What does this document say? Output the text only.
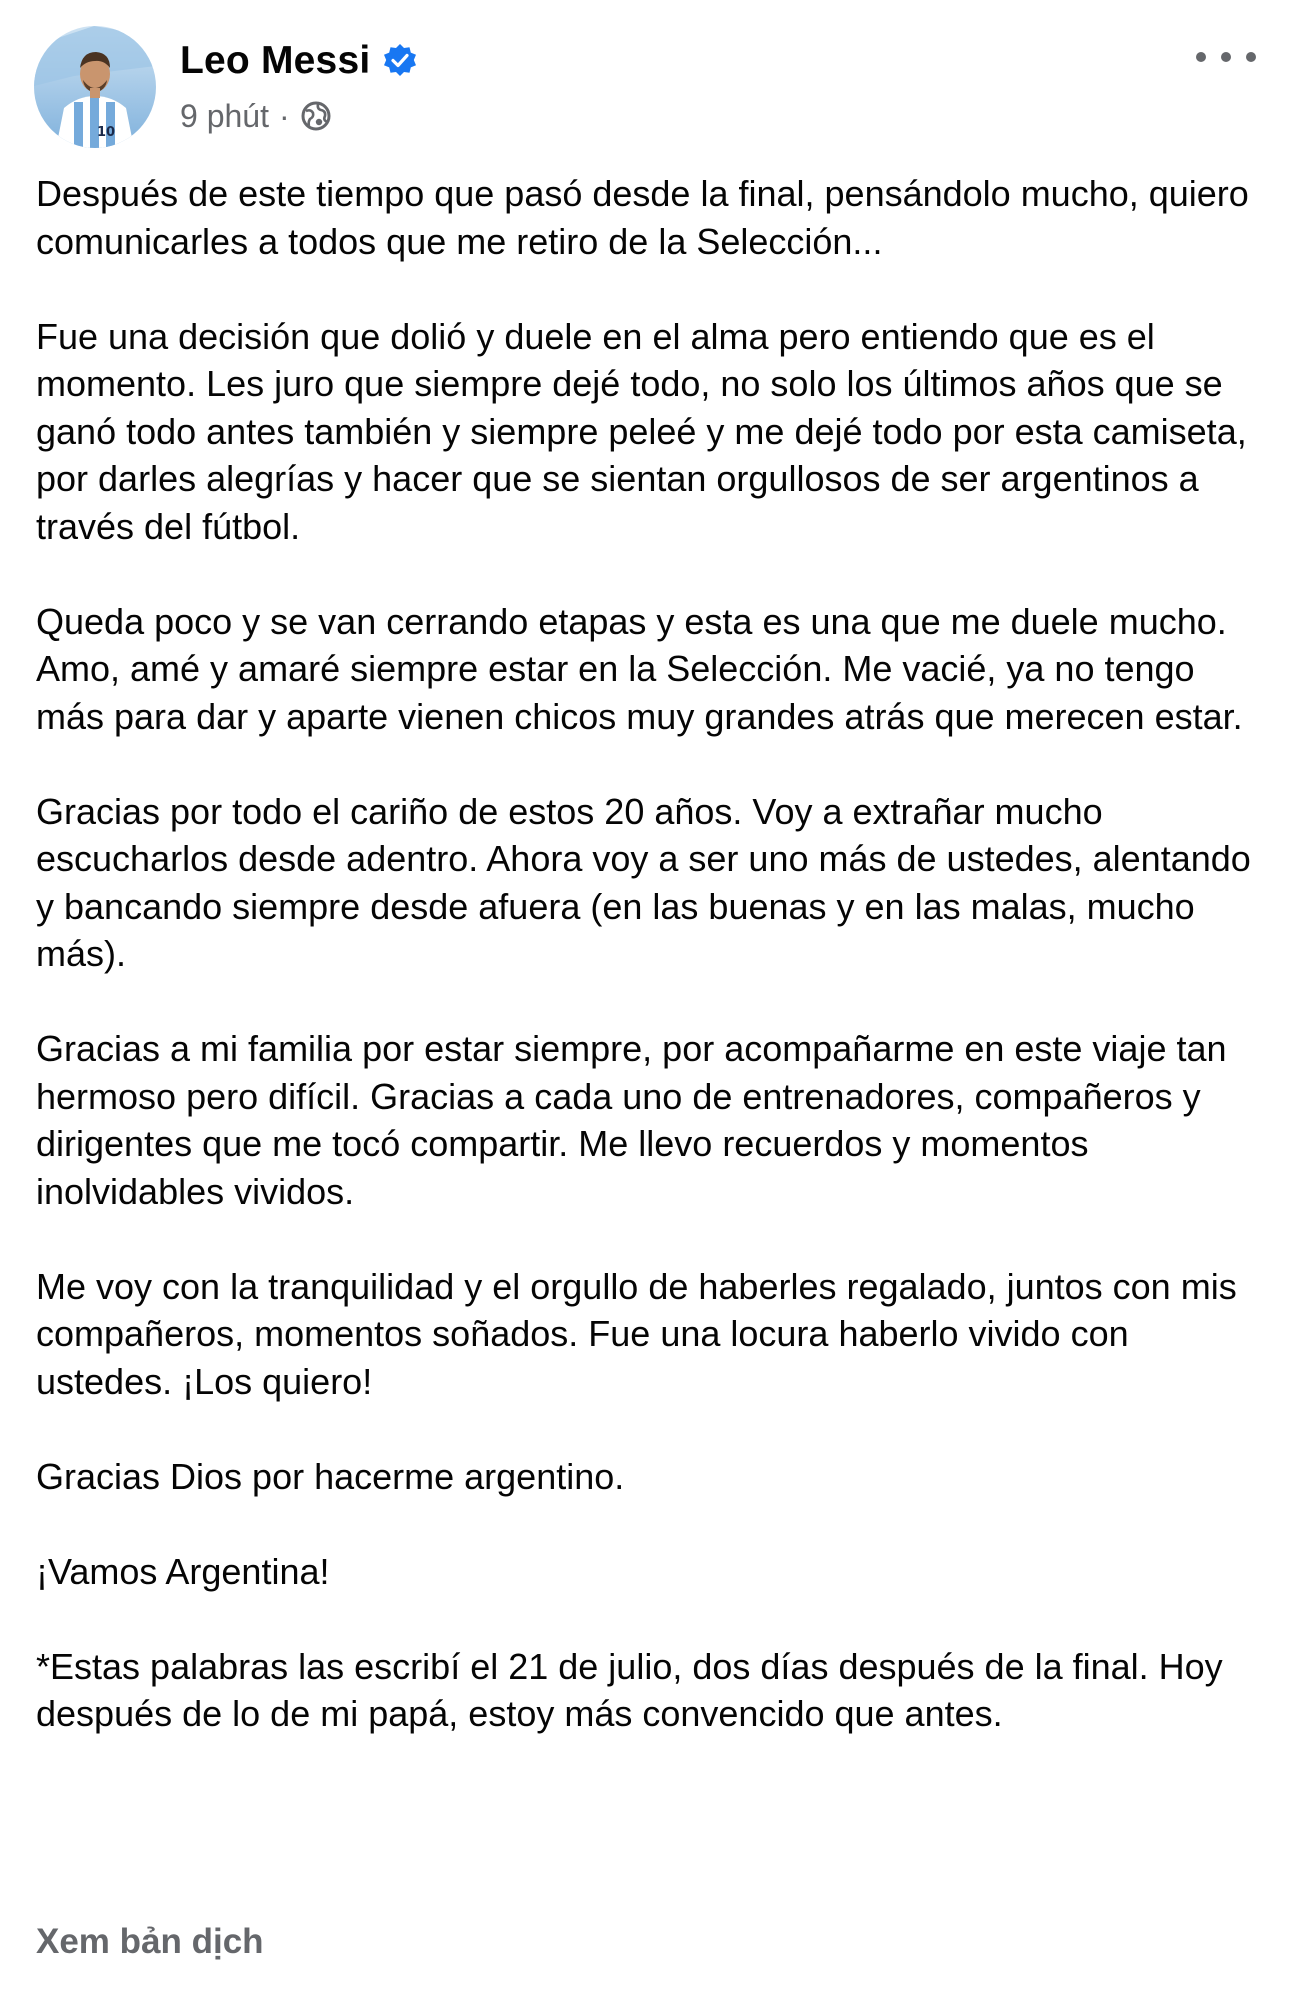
10
Leo Messi
9 phút ·

Después de este tiempo que pasó desde la final, pensándolo mucho, quiero comunicarles a todos que me retiro de la Selección...

Fue una decisión que dolió y duele en el alma pero entiendo que es el momento. Les juro que siempre dejé todo, no solo los últimos años que se ganó todo antes también y siempre peleé y me dejé todo por esta camiseta, por darles alegrías y hacer que se sientan orgullosos de ser argentinos a través del fútbol.

Queda poco y se van cerrando etapas y esta es una que me duele mucho. Amo, amé y amaré siempre estar en la Selección. Me vacié, ya no tengo más para dar y aparte vienen chicos muy grandes atrás que merecen estar.

Gracias por todo el cariño de estos 20 años. Voy a extrañar mucho escucharlos desde adentro. Ahora voy a ser uno más de ustedes, alentando y bancando siempre desde afuera (en las buenas y en las malas, mucho más).

Gracias a mi familia por estar siempre, por acompañarme en este viaje tan hermoso pero difícil. Gracias a cada uno de entrenadores, compañeros y dirigentes que me tocó compartir. Me llevo recuerdos y momentos inolvidables vividos.

Me voy con la tranquilidad y el orgullo de haberles regalado, juntos con mis compañeros, momentos soñados. Fue una locura haberlo vivido con ustedes. ¡Los quiero!

Gracias Dios por hacerme argentino.

¡Vamos Argentina!

*Estas palabras las escribí el 21 de julio, dos días después de la final. Hoy después de lo de mi papá, estoy más convencido que antes.

Xem bản dịch
